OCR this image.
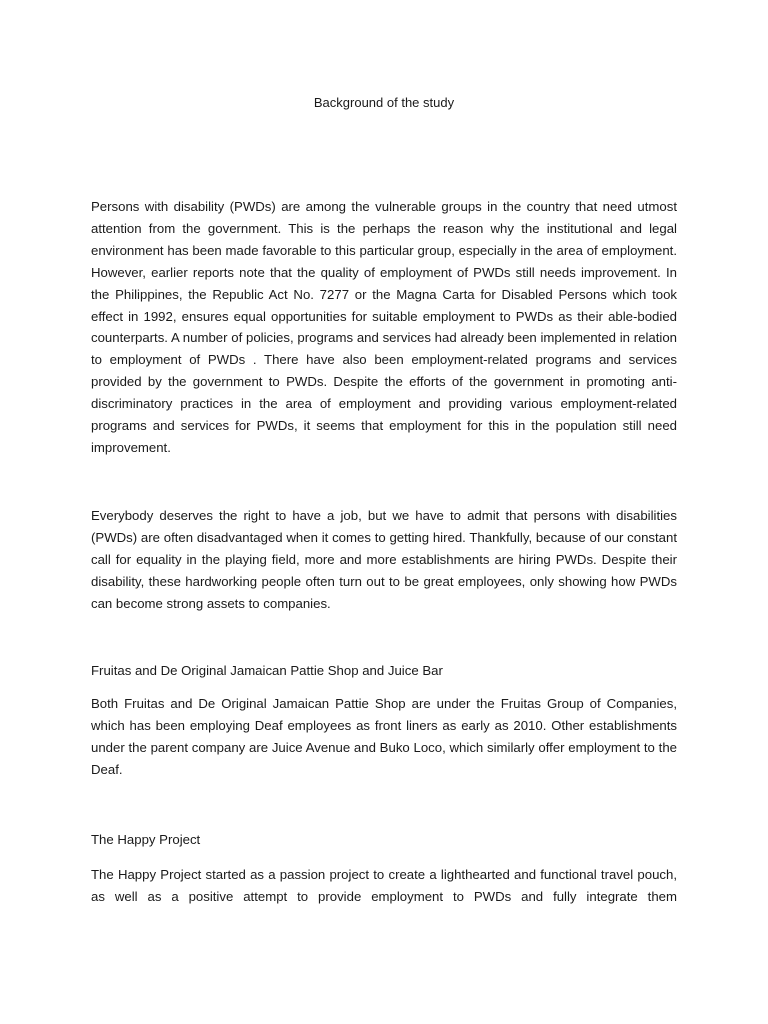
Background of the study

Persons with disability (PWDs) are among the vulnerable groups in the country that need utmost attention from the government. This is the perhaps the reason why the institutional and legal environment has been made favorable to this particular group, especially in the area of employment. However, earlier reports note that the quality of employment of PWDs still needs improvement. In the Philippines, the Republic Act No. 7277 or the Magna Carta for Disabled Persons which took effect in 1992, ensures equal opportunities for suitable employment to PWDs as their able-bodied counterparts. A number of policies, programs and services had already been implemented in relation to employment of PWDs . There have also been employment-related programs and services provided by the government to PWDs. Despite the efforts of the government in promoting anti-discriminatory practices in the area of employment and providing various employment-related programs and services for PWDs, it seems that employment for this in the population still need improvement.

Everybody deserves the right to have a job, but we have to admit that persons with disabilities (PWDs) are often disadvantaged when it comes to getting hired. Thankfully, because of our constant call for equality in the playing field, more and more establishments are hiring PWDs. Despite their disability, these hardworking people often turn out to be great employees, only showing how PWDs can become strong assets to companies.

Fruitas and De Original Jamaican Pattie Shop and Juice Bar

Both Fruitas and De Original Jamaican Pattie Shop are under the Fruitas Group of Companies, which has been employing Deaf employees as front liners as early as 2010. Other establishments under the parent company are Juice Avenue and Buko Loco, which similarly offer employment to the Deaf.

The Happy Project

The Happy Project started as a passion project to create a lighthearted and functional travel pouch, as well as a positive attempt to provide employment to PWDs and fully integrate them
